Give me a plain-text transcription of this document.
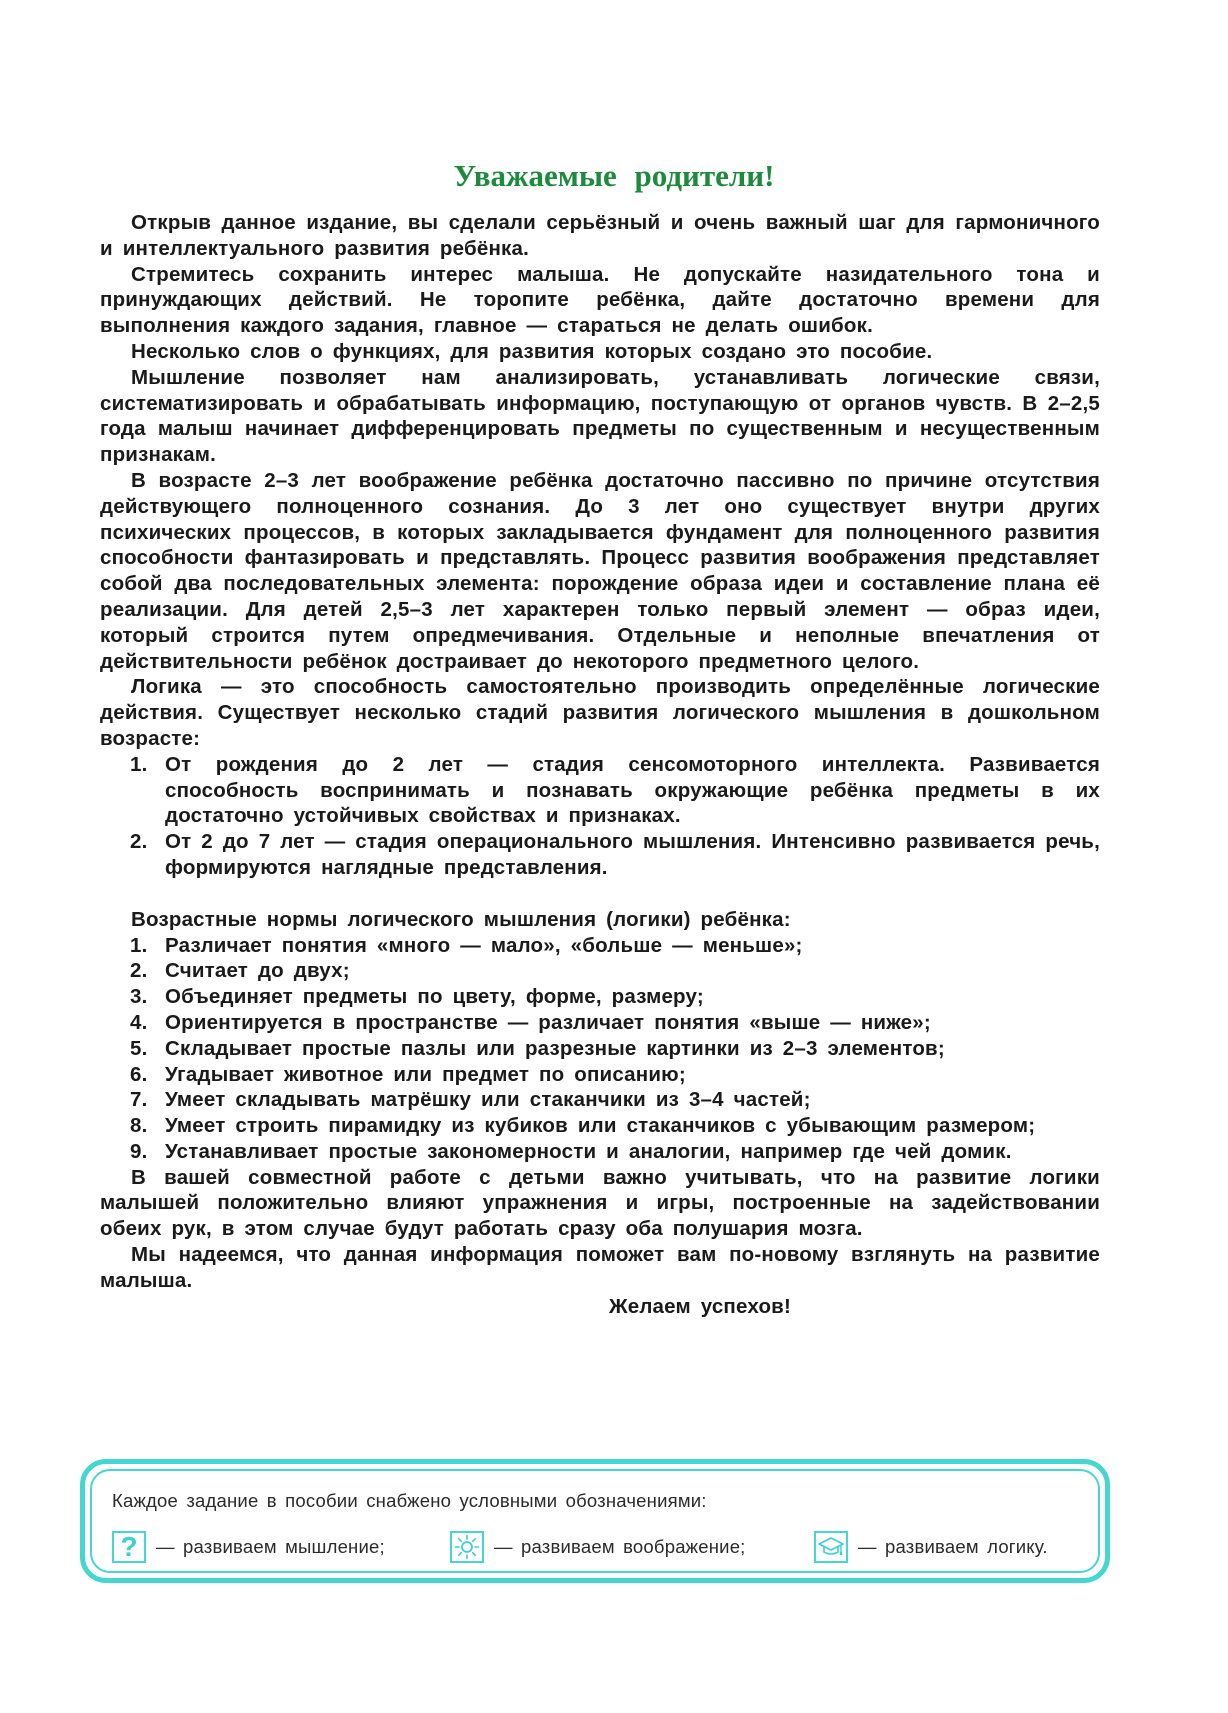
Уважаемые родители!

Открыв данное издание, вы сделали серьёзный и очень важный шаг для гармоничного и интеллектуального развития ребёнка.

Стремитесь сохранить интерес малыша. Не допускайте назидательного тона и принуждающих действий. Не торопите ребёнка, дайте достаточно времени для выполнения каждого задания, главное — стараться не делать ошибок.

Несколько слов о функциях, для развития которых создано это пособие.

Мышление позволяет нам анализировать, устанавливать логические связи, систематизировать и обрабатывать информацию, поступающую от органов чувств. В 2–2,5 года малыш начинает дифференцировать предметы по существенным и несущественным признакам.

В возрасте 2–3 лет воображение ребёнка достаточно пассивно по причине отсутствия действующего полноценного сознания. До 3 лет оно существует внутри других психических процессов, в которых закладывается фундамент для полноценного развития способности фантазировать и представлять. Процесс развития воображения представляет собой два последовательных элемента: порождение образа идеи и составление плана её реализации. Для детей 2,5–3 лет характерен только первый элемент — образ идеи, который строится путем опредмечивания. Отдельные и неполные впечатления от действительности ребёнок достраивает до некоторого предметного целого.

Логика — это способность самостоятельно производить определённые логические действия. Существует несколько стадий развития логического мышления в дошкольном возрасте:

1. От рождения до 2 лет — стадия сенсомоторного интеллекта. Развивается способность воспринимать и познавать окружающие ребёнка предметы в их достаточно устойчивых свойствах и признаках.
2. От 2 до 7 лет — стадия операционального мышления. Интенсивно развивается речь, формируются наглядные представления.

Возрастные нормы логического мышления (логики) ребёнка:

1. Различает понятия «много — мало», «больше — меньше»;
2. Считает до двух;
3. Объединяет предметы по цвету, форме, размеру;
4. Ориентируется в пространстве — различает понятия «выше — ниже»;
5. Складывает простые пазлы или разрезные картинки из 2–3 элементов;
6. Угадывает животное или предмет по описанию;
7. Умеет складывать матрёшку или стаканчики из 3–4 частей;
8. Умеет строить пирамидку из кубиков или стаканчиков с убывающим размером;
9. Устанавливает простые закономерности и аналогии, например где чей домик.

В вашей совместной работе с детьми важно учитывать, что на развитие логики малышей положительно влияют упражнения и игры, построенные на задействовании обеих рук, в этом случае будут работать сразу оба полушария мозга.

Мы надеемся, что данная информация поможет вам по-новому взглянуть на развитие малыша.

Желаем успехов!

Каждое задание в пособии снабжено условными обозначениями:
? — развиваем мышление;	— развиваем воображение;	— развиваем логику.
